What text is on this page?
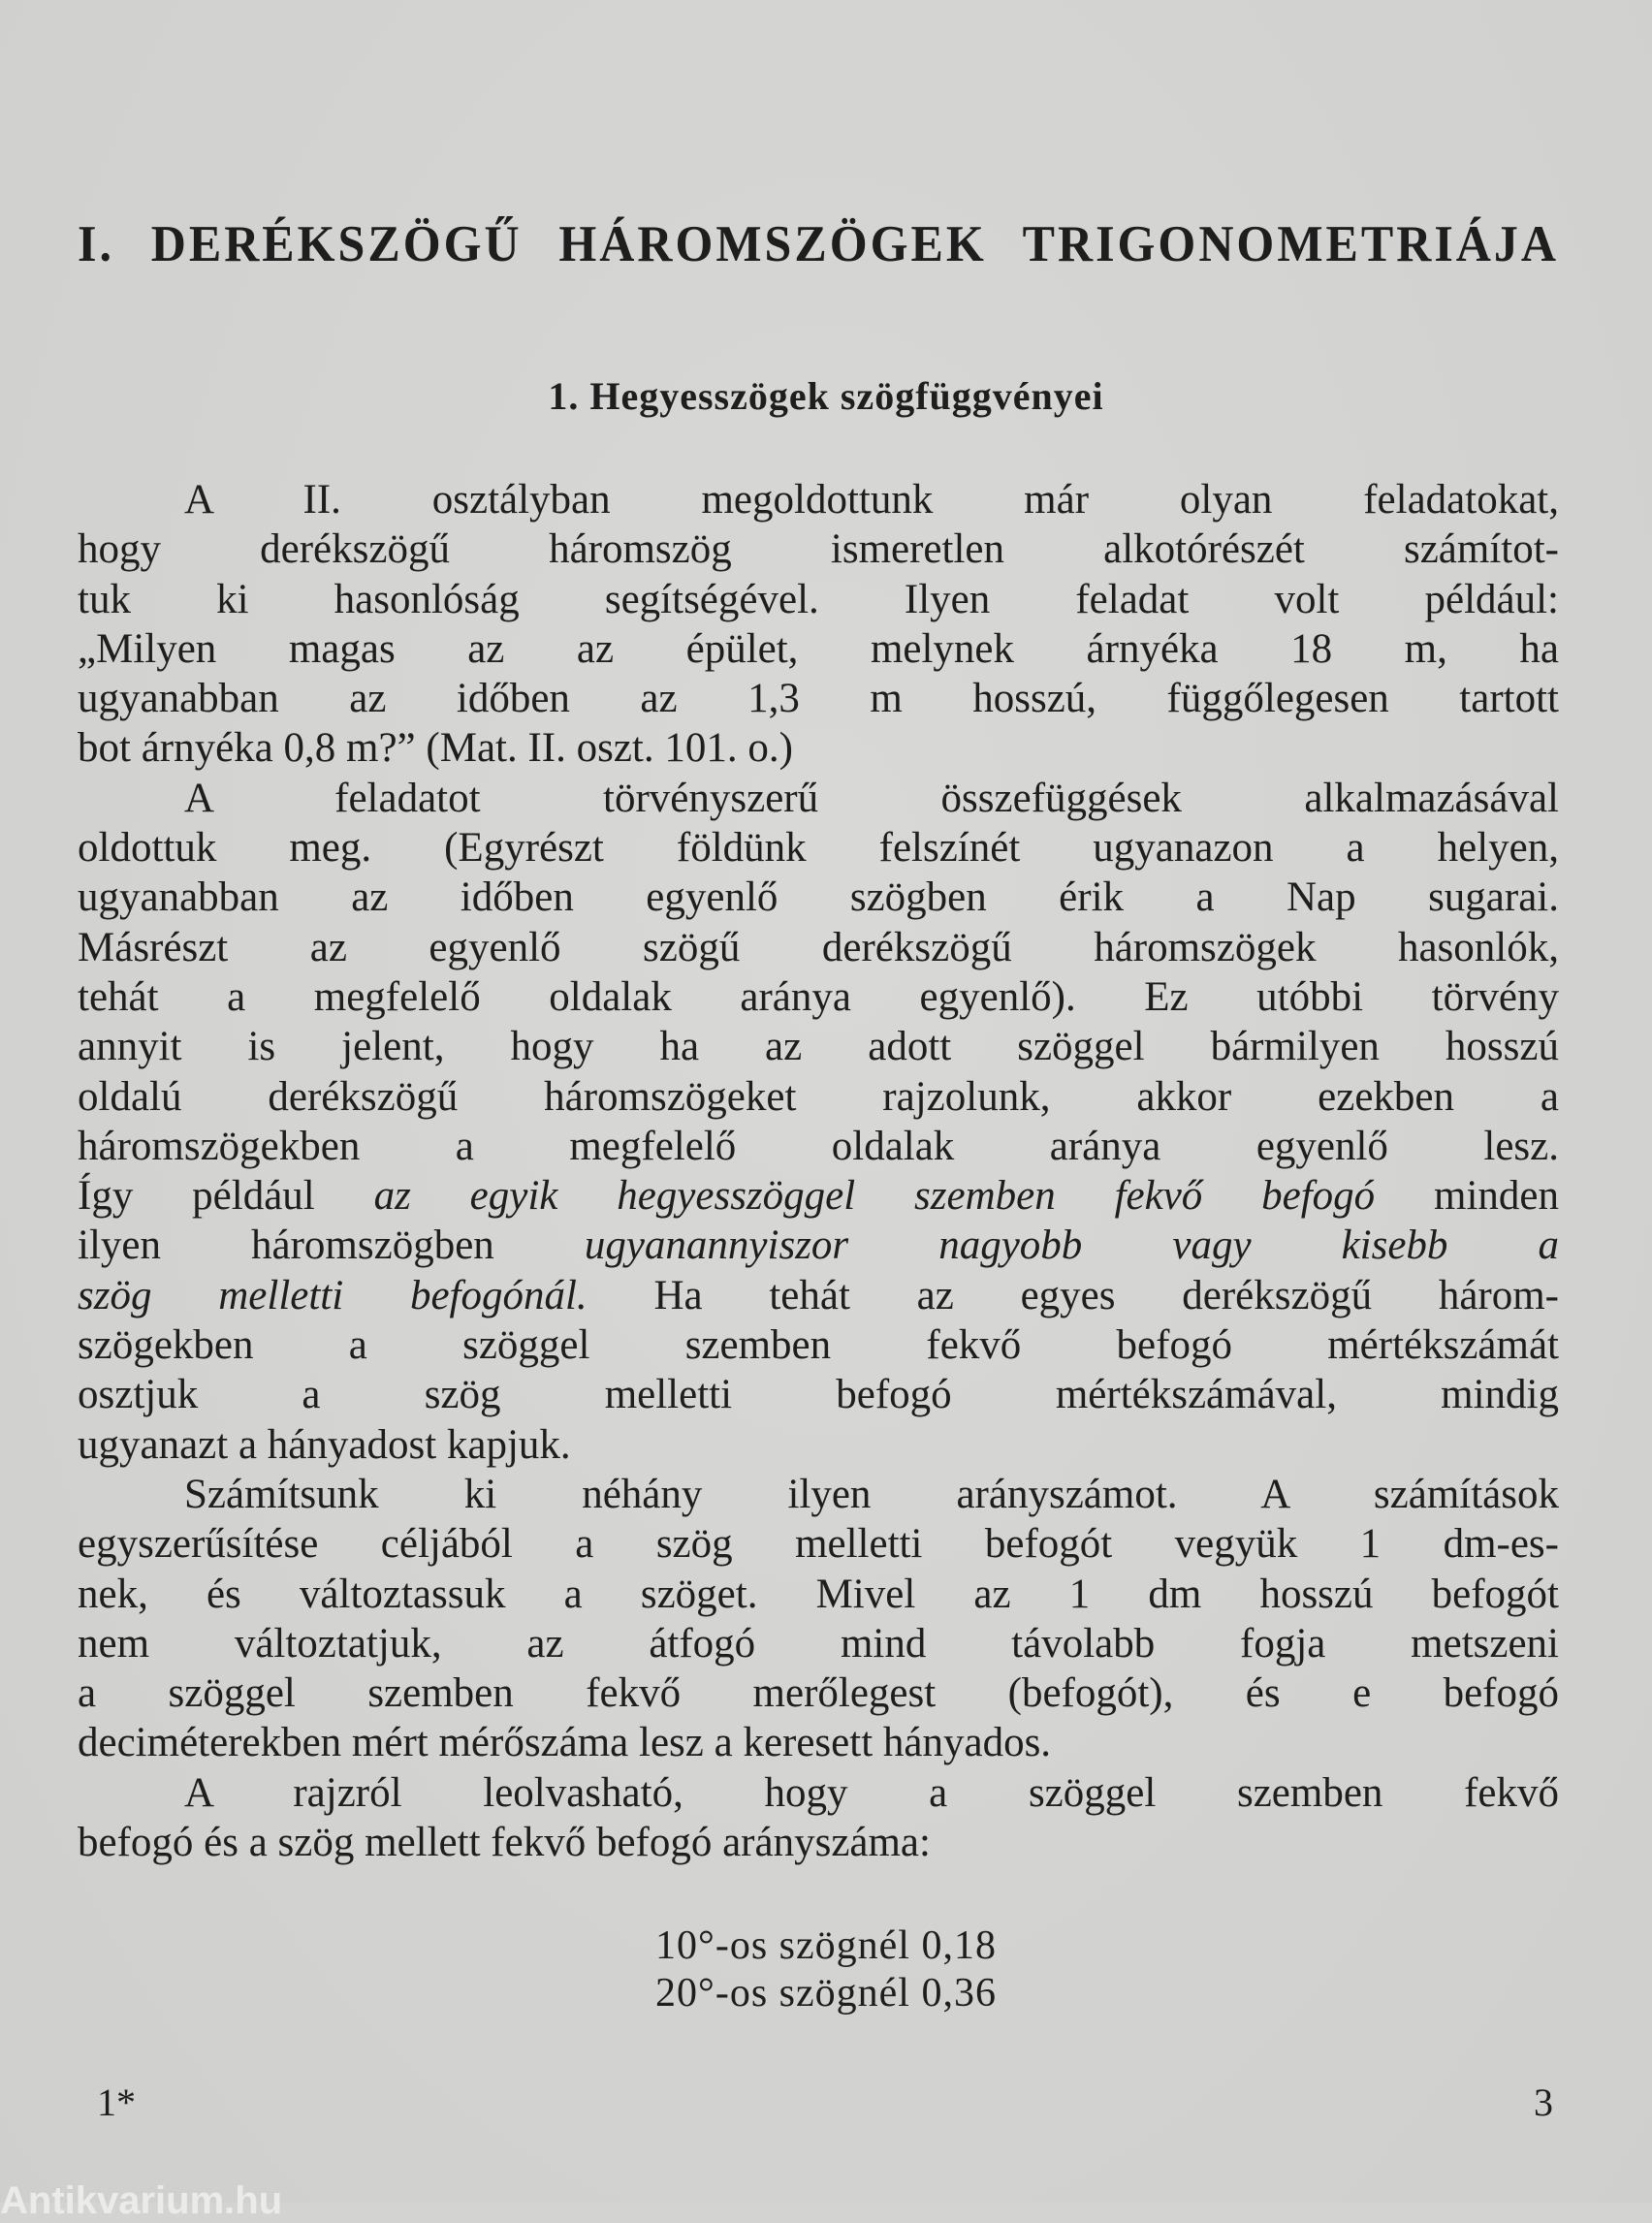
I. DERÉKSZÖGŰ HÁROMSZÖGEK TRIGONOMETRIÁJA
1. Hegyesszögek szögfüggvényei
A II. osztályban megoldottunk már olyan feladatokat,
hogy derékszögű háromszög ismeretlen alkotórészét számítot-
tuk ki hasonlóság segítségével. Ilyen feladat volt például:
„Milyen magas az az épület, melynek árnyéka 18 m, ha
ugyanabban az időben az 1,3 m hosszú, függőlegesen tartott
bot árnyéka 0,8 m?” (Mat. II. oszt. 101. o.)
A feladatot törvényszerű összefüggések alkalmazásával
oldottuk meg. (Egyrészt földünk felszínét ugyanazon a helyen,
ugyanabban az időben egyenlő szögben érik a Nap sugarai.
Másrészt az egyenlő szögű derékszögű háromszögek hasonlók,
tehát a megfelelő oldalak aránya egyenlő). Ez utóbbi törvény
annyit is jelent, hogy ha az adott szöggel bármilyen hosszú
oldalú derékszögű háromszögeket rajzolunk, akkor ezekben a
háromszögekben a megfelelő oldalak aránya egyenlő lesz.
Így például az egyik hegyesszöggel szemben fekvő befogó minden
ilyen háromszögben ugyanannyiszor nagyobb vagy kisebb a
szög melletti befogónál. Ha tehát az egyes derékszögű három-
szögekben a szöggel szemben fekvő befogó mértékszámát
osztjuk a szög melletti befogó mértékszámával, mindig
ugyanazt a hányadost kapjuk.
Számítsunk ki néhány ilyen arányszámot. A számítások
egyszerűsítése céljából a szög melletti befogót vegyük 1 dm-es-
nek, és változtassuk a szöget. Mivel az 1 dm hosszú befogót
nem változtatjuk, az átfogó mind távolabb fogja metszeni
a szöggel szemben fekvő merőlegest (befogót), és e befogó
deciméterekben mért mérőszáma lesz a keresett hányados.
A rajzról leolvasható, hogy a szöggel szemben fekvő
befogó és a szög mellett fekvő befogó arányszáma:
10°-os szögnél 0,18
20°-os szögnél 0,36
1*	3
Antikvarium.hu
